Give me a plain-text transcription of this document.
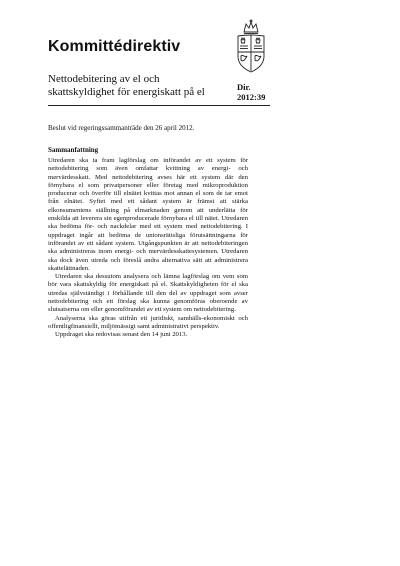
Kommittédirektiv
Nettodebitering av el och skattskyldighet för energiskatt på el	Dir.
2012:39
Beslut vid regeringssammanträde den 26 april 2012.
Sammanfattning

Utredaren ska ta fram lagförslag om införandet av ett system för nettodebitering som även omfattar kvittning av energi- och mervärdesskatt. Med nettodebitering avses här ett system där den förnybara el som privatpersoner eller företag med mikroproduktion producerar och överför till elnätet kvittas mot annan el som de tar emot från elnätet. Syftet med ett sådant system är främst att stärka elkonsumentens ställning på elmarknaden genom att underlätta för enskilda att leverera sin egenproducerade förnybara el till nätet. Utredaren ska bedöma för- och nackdelar med ett system med nettodebitering. I uppdraget ingår att bedöma de unionsrättsliga förutsättningarna för införandet av ett sådant system. Utgångspunkten är att nettodebiteringen ska administreras inom energi- och mervärdesskattesystemen. Utredaren ska dock även utreda och föreslå andra alternativa sätt att administrera skattelättnaden.

Utredaren ska dessutom analysera och lämna lagförslag om vem som bör vara skattskyldig för energiskatt på el. Skattskyldigheten för el ska utredas självständigt i förhållande till den del av uppdraget som avser nettodebitering och ett förslag ska kunna genomföras oberoende av slutsatserna om eller genomförandet av ett system om nettodebitering.

Analyserna ska göras utifrån ett juridiskt, samhälls-ekonomiskt och offentligfinansiellt, miljömässigt samt administrativt perspektiv.

Uppdraget ska redovisas senast den 14 juni 2013.
